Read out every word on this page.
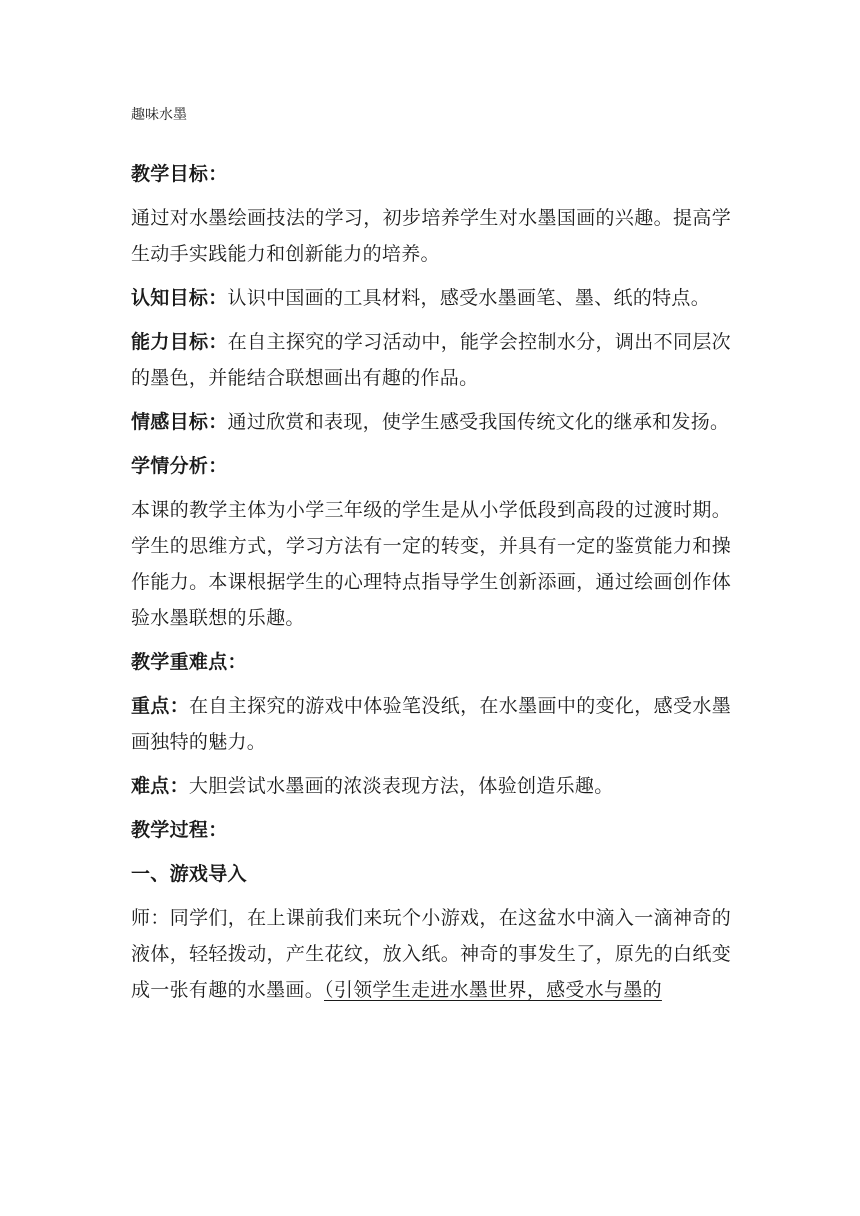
趣味水墨

教学目标：

通过对水墨绘画技法的学习，初步培养学生对水墨国画的兴趣。提高学生动手实践能力和创新能力的培养。

认知目标：认识中国画的工具材料，感受水墨画笔、墨、纸的特点。

能力目标：在自主探究的学习活动中，能学会控制水分，调出不同层次的墨色，并能结合联想画出有趣的作品。

情感目标：通过欣赏和表现，使学生感受我国传统文化的继承和发扬。

学情分析：

本课的教学主体为小学三年级的学生是从小学低段到高段的过渡时期。学生的思维方式，学习方法有一定的转变，并具有一定的鉴赏能力和操作能力。本课根据学生的心理特点指导学生创新添画，通过绘画创作体验水墨联想的乐趣。

教学重难点：

重点：在自主探究的游戏中体验笔没纸，在水墨画中的变化，感受水墨画独特的魅力。

难点：大胆尝试水墨画的浓淡表现方法，体验创造乐趣。

教学过程：

一、游戏导入

师：同学们，在上课前我们来玩个小游戏，在这盆水中滴入一滴神奇的液体，轻轻拨动，产生花纹，放入纸。神奇的事发生了，原先的白纸变成一张有趣的水墨画。（引领学生走进水墨世界，感受水与墨的
